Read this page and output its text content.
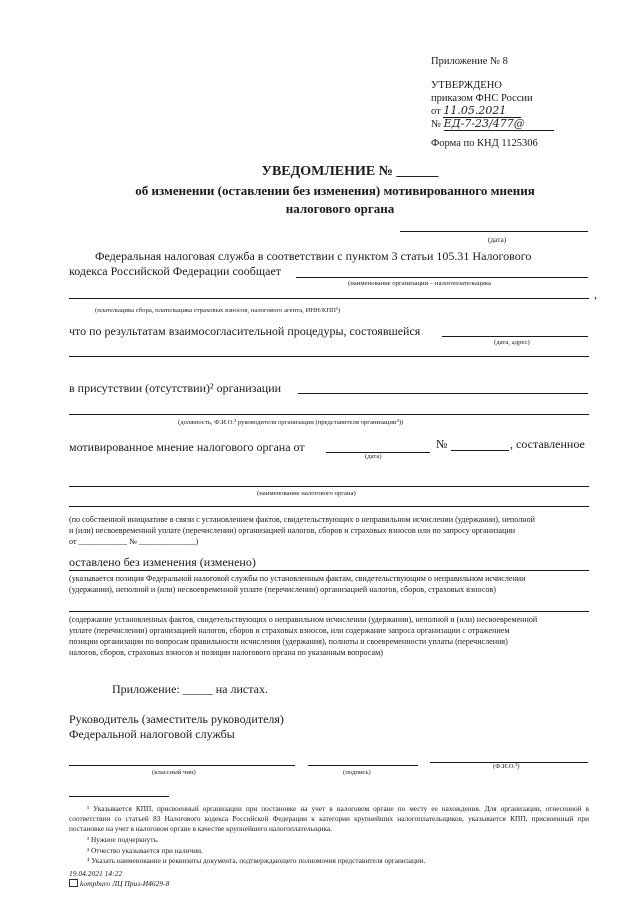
Приложение № 8
УТВЕРЖДЕНО
приказом ФНС России
от 11.05.2021
№ ЕД-7-23/477@
Форма по КНД 1125306
УВЕДОМЛЕНИЕ № ______
об изменении (оставлении без изменения) мотивированного мнения
налогового органа
(дата)
Федеральная налоговая служба в соответствии с пунктом 3 статьи 105.31 Налогового
кодекса Российской Федерации сообщает
(наименование организации – налогоплательщика
,
(плательщика сбора, плательщика страховых взносов, налогового агента, ИНН/КПП¹)
что по результатам взаимосогласительной процедуры, состоявшейся
(дата, адрес)
в присутствии (отсутствии)² организации
(должность, Ф.И.О.³ руководителя организации (представителя организации⁴))
мотивированное мнение налогового органа от	№	, составленное
(дата)
(наименование налогового органа)
(по собственной инициативе в связи с установлением фактов, свидетельствующих о неправильном исчислении (удержании), неполной
и (или) несвоевременной уплате (перечислении) организацией налогов, сборов и страховых взносов или по запросу организации
от ____________ № ______________)
оставлено без изменения (изменено)
(указывается позиция Федеральной налоговой службы по установленным фактам, свидетельствующим о неправильном исчислении
(удержании), неполной и (или) несвоевременной уплате (перечислении) организацией налогов, сборов, страховых взносов)
(содержание установленных фактов, свидетельствующих о неправильном исчислении (удержании), неполной и (или) несвоевременной
уплате (перечислении) организацией налогов, сборов и страховых взносов, или содержание запроса организации с отражением
позиции организации по вопросам правильности исчисления (удержания), полноты и своевременности уплаты (перечисления)
налогов, сборов, страховых взносов и позиции налогового органа по указанным вопросам)
Приложение: _____ на листах.
Руководитель (заместитель руководителя)
Федеральной налоговой службы
(классный чин)	(подпись)
(Ф.И.О.³)
¹ Указывается КПП, присвоенный организации при постановке на учет в налоговом органе по месту ее нахождения. Для организации, отнесенной в соответствии со статьей 83 Налогового кодекса Российской Федерации к категории крупнейших налогоплательщиков, указывается КПП, присвоенный при постановке на учет в налоговом органе в качестве крупнейшего налогоплательщика.
² Нужное подчеркнуть.
³ Отчество указывается при наличии.
⁴ Указать наименование и реквизиты документа, подтверждающего полномочия представителя организации.
19.04.2021 14:22
kompburo ЛЦ Приз-И4629-8
